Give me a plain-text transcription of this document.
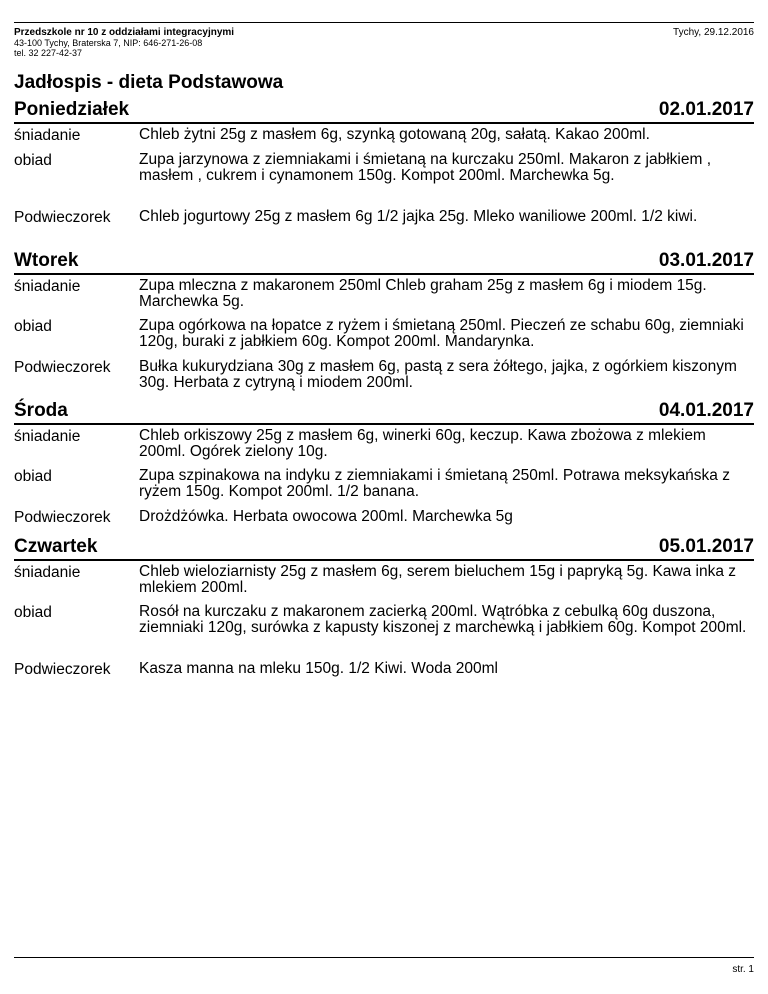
Przedszkole nr 10 z oddziałami integracyjnymi
43-100 Tychy, Braterska 7, NIP: 646-271-26-08
tel. 32 227-42-37
Tychy, 29.12.2016
Jadłospis - dieta Podstawowa
Poniedziałek	02.01.2017
śniadanie	Chleb żytni 25g z masłem 6g, szynką gotowaną 20g, sałatą. Kakao 200ml.
obiad	Zupa jarzynowa z ziemniakami i śmietaną na kurczaku 250ml. Makaron z jabłkiem , masłem , cukrem i cynamonem 150g. Kompot 200ml. Marchewka 5g.
Podwieczorek Chleb jogurtowy 25g z masłem 6g 1/2 jajka 25g. Mleko waniliowe 200ml. 1/2 kiwi.
Wtorek	03.01.2017
śniadanie	Zupa mleczna z makaronem 250ml Chleb graham 25g z masłem 6g i miodem 15g. Marchewka 5g.
obiad	Zupa ogórkowa na łopatce z ryżem i śmietaną 250ml. Pieczeń ze schabu 60g, ziemniaki 120g, buraki z jabłkiem 60g. Kompot 200ml. Mandarynka.
Podwieczorek Bułka kukurydziana 30g z masłem 6g, pastą z sera żółtego, jajka, z ogórkiem kiszonym 30g. Herbata z cytryną i miodem 200ml.
Środa	04.01.2017
śniadanie	Chleb orkiszowy 25g z masłem 6g, winerki 60g, keczup. Kawa zbożowa z mlekiem 200ml. Ogórek zielony 10g.
obiad	Zupa szpinakowa na indyku z ziemniakami i śmietaną 250ml. Potrawa meksykańska z ryżem 150g. Kompot 200ml. 1/2 banana.
Podwieczorek Drożdżówka. Herbata owocowa 200ml. Marchewka 5g
Czwartek	05.01.2017
śniadanie	Chleb wieloziarnisty 25g z masłem 6g, serem bieluchem 15g i papryką 5g. Kawa inka z mlekiem 200ml.
obiad	Rosół na kurczaku z makaronem zacierką 200ml. Wątróbka z cebulką 60g duszona, ziemniaki 120g, surówka z kapusty kiszonej z marchewką i jabłkiem 60g. Kompot 200ml.
Podwieczorek Kasza manna na mleku 150g. 1/2 Kiwi. Woda 200ml
str. 1
